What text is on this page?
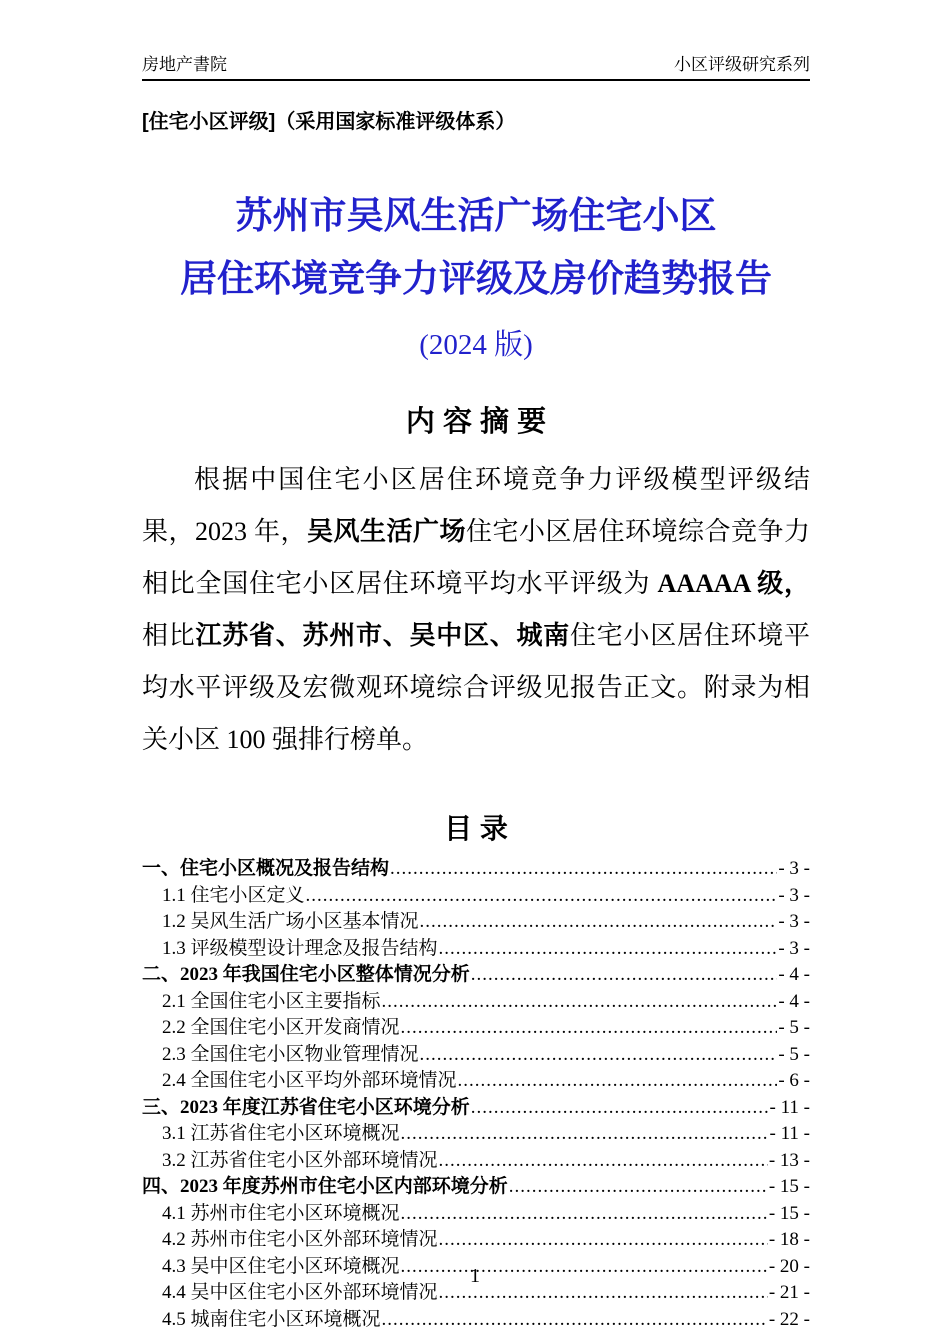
房地产書院	小区评级研究系列
[住宅小区评级]（采用国家标准评级体系）
苏州市吴风生活广场住宅小区
居住环境竞争力评级及房价趋势报告
(2024 版)
内 容 摘 要

根据中国住宅小区居住环境竞争力评级模型评级结果，2023 年，吴风生活广场住宅小区居住环境综合竞争力相比全国住宅小区居住环境平均水平评级为 AAAAA 级，相比江苏省、苏州市、吴中区、城南住宅小区居住环境平均水平评级及宏微观环境综合评级见报告正文。附录为相关小区 100 强排行榜单。

目 录
一、住宅小区概况及报告结构 .....	- 3 -
1.1 住宅小区定义 .....	- 3 -
1.2 吴风生活广场小区基本情况 .....	- 3 -
1.3 评级模型设计理念及报告结构 .....	- 3 -
二、2023 年我国住宅小区整体情况分析 .....	- 4 -
2.1 全国住宅小区主要指标 .....	- 4 -
2.2 全国住宅小区开发商情况 .....	- 5 -
2.3 全国住宅小区物业管理情况 .....	- 5 -
2.4 全国住宅小区平均外部环境情况 .....	- 6 -
三、2023 年度江苏省住宅小区环境分析 .....	- 11 -
3.1 江苏省住宅小区环境概况 .....	- 11 -
3.2 江苏省住宅小区外部环境情况 .....	- 13 -
四、2023 年度苏州市住宅小区内部环境分析 .....	- 15 -
4.1 苏州市住宅小区环境概况 .....	- 15 -
4.2 苏州市住宅小区外部环境情况 .....	- 18 -
4.3 吴中区住宅小区环境概况 .....	- 20 -
4.4 吴中区住宅小区外部环境情况 .....	- 21 -
4.5 城南住宅小区环境概况 .....	- 22 -
1
